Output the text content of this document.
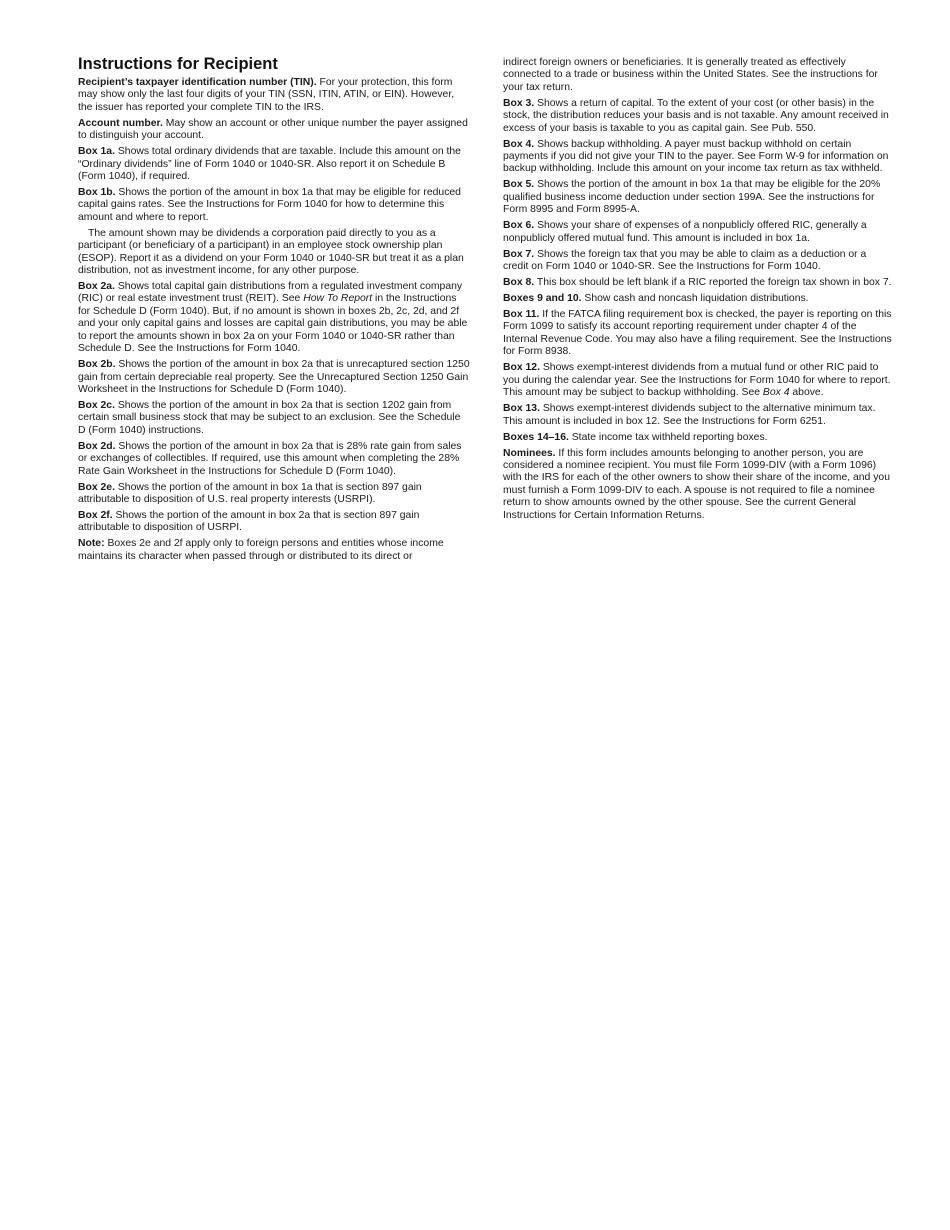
Instructions for Recipient

Recipient’s taxpayer identification number (TIN). For your protection, this form may show only the last four digits of your TIN (SSN, ITIN, ATIN, or EIN). However, the issuer has reported your complete TIN to the IRS.

Account number. May show an account or other unique number the payer assigned to distinguish your account.

Box 1a. Shows total ordinary dividends that are taxable. Include this amount on the “Ordinary dividends” line of Form 1040 or 1040-SR. Also report it on Schedule B (Form 1040), if required.

Box 1b. Shows the portion of the amount in box 1a that may be eligible for reduced capital gains rates. See the Instructions for Form 1040 for how to determine this amount and where to report.

The amount shown may be dividends a corporation paid directly to you as a participant (or beneficiary of a participant) in an employee stock ownership plan (ESOP). Report it as a dividend on your Form 1040 or 1040-SR but treat it as a plan distribution, not as investment income, for any other purpose.

Box 2a. Shows total capital gain distributions from a regulated investment company (RIC) or real estate investment trust (REIT). See How To Report in the Instructions for Schedule D (Form 1040). But, if no amount is shown in boxes 2b, 2c, 2d, and 2f and your only capital gains and losses are capital gain distributions, you may be able to report the amounts shown in box 2a on your Form 1040 or 1040-SR rather than Schedule D. See the Instructions for Form 1040.

Box 2b. Shows the portion of the amount in box 2a that is unrecaptured section 1250 gain from certain depreciable real property. See the Unrecaptured Section 1250 Gain Worksheet in the Instructions for Schedule D (Form 1040).

Box 2c. Shows the portion of the amount in box 2a that is section 1202 gain from certain small business stock that may be subject to an exclusion. See the Schedule D (Form 1040) instructions.

Box 2d. Shows the portion of the amount in box 2a that is 28% rate gain from sales or exchanges of collectibles. If required, use this amount when completing the 28% Rate Gain Worksheet in the Instructions for Schedule D (Form 1040).

Box 2e. Shows the portion of the amount in box 1a that is section 897 gain attributable to disposition of U.S. real property interests (USRPI).

Box 2f. Shows the portion of the amount in box 2a that is section 897 gain attributable to disposition of USRPI.

Note: Boxes 2e and 2f apply only to foreign persons and entities whose income maintains its character when passed through or distributed to its direct or

indirect foreign owners or beneficiaries. It is generally treated as effectively connected to a trade or business within the United States. See the instructions for your tax return.

Box 3. Shows a return of capital. To the extent of your cost (or other basis) in the stock, the distribution reduces your basis and is not taxable. Any amount received in excess of your basis is taxable to you as capital gain. See Pub. 550.

Box 4. Shows backup withholding. A payer must backup withhold on certain payments if you did not give your TIN to the payer. See Form W-9 for information on backup withholding. Include this amount on your income tax return as tax withheld.

Box 5. Shows the portion of the amount in box 1a that may be eligible for the 20% qualified business income deduction under section 199A. See the instructions for Form 8995 and Form 8995-A.

Box 6. Shows your share of expenses of a nonpublicly offered RIC, generally a nonpublicly offered mutual fund. This amount is included in box 1a.

Box 7. Shows the foreign tax that you may be able to claim as a deduction or a credit on Form 1040 or 1040-SR. See the Instructions for Form 1040.

Box 8. This box should be left blank if a RIC reported the foreign tax shown in box 7.

Boxes 9 and 10. Show cash and noncash liquidation distributions.

Box 11. If the FATCA filing requirement box is checked, the payer is reporting on this Form 1099 to satisfy its account reporting requirement under chapter 4 of the Internal Revenue Code. You may also have a filing requirement. See the Instructions for Form 8938.

Box 12. Shows exempt-interest dividends from a mutual fund or other RIC paid to you during the calendar year. See the Instructions for Form 1040 for where to report. This amount may be subject to backup withholding. See Box 4 above.

Box 13. Shows exempt-interest dividends subject to the alternative minimum tax. This amount is included in box 12. See the Instructions for Form 6251.

Boxes 14–16. State income tax withheld reporting boxes.

Nominees. If this form includes amounts belonging to another person, you are considered a nominee recipient. You must file Form 1099-DIV (with a Form 1096) with the IRS for each of the other owners to show their share of the income, and you must furnish a Form 1099-DIV to each. A spouse is not required to file a nominee return to show amounts owned by the other spouse. See the current General Instructions for Certain Information Returns.
